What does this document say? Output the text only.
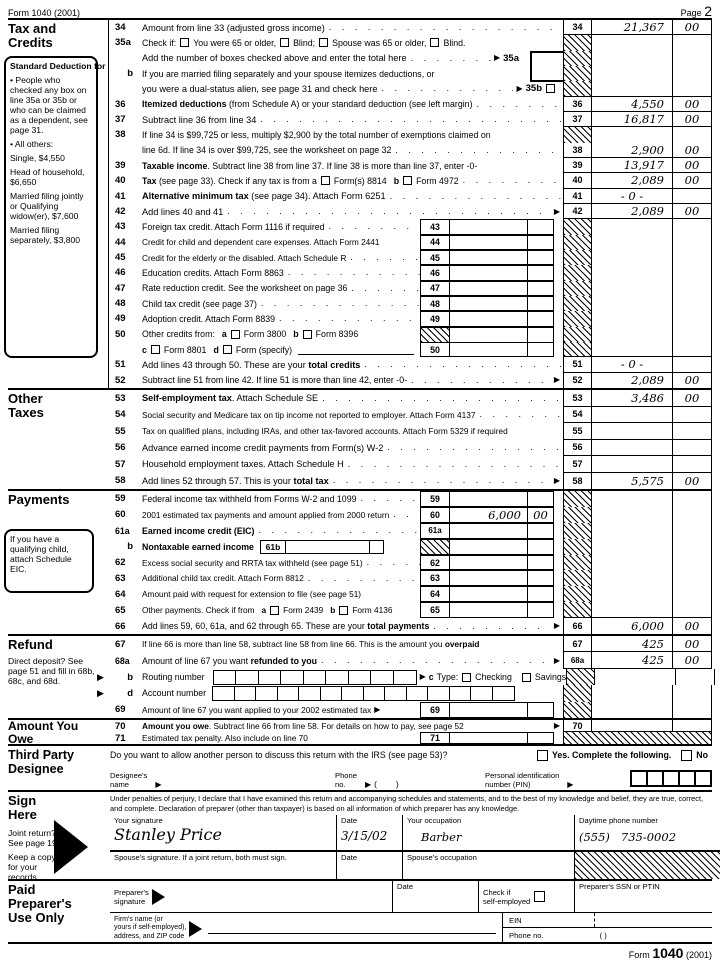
Form 1040 (2001)	Page 2
Tax and Credits
Standard Deduction for
• People who checked any box on line 35a or 35b or who can be claimed as a dependent, see page 31.
• All others:
Single, $4,550
Head of household, $6,650
Married filing jointly or Qualifying widow(er), $7,600
Married filing separately, $3,800
34	Amount from line 33 (adjusted gross income) . . .	34	21,367 00
35a	Check if: You were 65 or older, Blind; Spouse was 65 or older, Blind.
Add the number of boxes checked above and enter the total here . . . ▶	35a
b	If you are married filing separately and your spouse itemizes deductions, or
you were a dual-status alien, see page 31 and check here . . . ▶	35b
36	Itemized deductions (from Schedule A) or your standard deduction (see left margin) . . .	36	4,550 00
37	Subtract line 36 from line 34 . . .	37	16,817 00
38	If line 34 is $99,725 or less, multiply $2,900 by the total number of exemptions claimed on
line 6d. If line 34 is over $99,725, see the worksheet on page 32 . . .	38	2,900 00
39	Taxable income . Subtract line 38 from line 37. If line 38 is more than line 37, enter -0-	39	13,917 00
40	Tax (see page 33). Check if any tax is from a Form(s) 8814 b Form 4972 . . .	40	2,089 00
41	Alternative minimum tax (see page 34). Attach Form 6251 . . .	41	- 0 -
42	Add lines 40 and 41 . . . ▶	42	2,089 00
43	Foreign tax credit. Attach Form 1116 if required . . .	43
44	Credit for child and dependent care expenses. Attach Form 2441	44
45	Credit for the elderly or the disabled. Attach Schedule R . . .	45
46	Education credits. Attach Form 8863 . . .	46
47	Rate reduction credit. See the worksheet on page 36 . . .	47
48	Child tax credit (see page 37) . . .	48
49	Adoption credit. Attach Form 8839 . . .	49
50	Other credits from: a Form 3800 b Form 8396
c Form 8801 d Form (specify)	50
51	Add lines 43 through 50. These are your total credits . . .	51	- 0 -
52	Subtract line 51 from line 42. If line 51 is more than line 42, enter -0- . . . ▶	52	2,089 00
Other Taxes
53	Self-employment tax . Attach Schedule SE . . .	53	3,486 00
54	Social security and Medicare tax on tip income not reported to employer. Attach Form 4137 . . .	54
55	Tax on qualified plans, including IRAs, and other tax-favored accounts. Attach Form 5329 if required	55
56	Advance earned income credit payments from Form(s) W-2 . . .	56
57	Household employment taxes. Attach Schedule H . . .	57
58	Add lines 52 through 57. This is your total tax . . . ▶	58	5,575 00
Payments
If you have a qualifying child, attach Schedule EIC.
59	Federal income tax withheld from Forms W-2 and 1099 . . .	59
60	2001 estimated tax payments and amount applied from 2000 return . . .	60	6,000 00
61a	Earned income credit (EIC) . . .	61a
b	Nontaxable earned income	61b
62	Excess social security and RRTA tax withheld (see page 51) . . .	62
63	Additional child tax credit. Attach Form 8812 . . .	63
64	Amount paid with request for extension to file (see page 51)	64
65	Other payments. Check if from a Form 2439 b Form 4136	65
66	Add lines 59, 60, 61a, and 62 through 65. These are your total payments . . . ▶	66	6,000 00
Refund
Direct deposit? See page 51 and fill in 68b, 68c, and 68d.
67	If line 66 is more than line 58, subtract line 58 from line 66. This is the amount you overpaid	67	425 00
68a	Amount of line 67 you want refunded to you . . . ▶	68a	425 00
▶
b	Routing number ▶	c Type: Checking	Savings
▶
d	Account number
69	Amount of line 67 you want applied to your 2002 estimated tax ▶	69
Amount You Owe
70	Amount you owe . Subtract line 66 from line 58. For details on how to pay, see page 52 ▶	70
71	Estimated tax penalty. Also include on line 70	71
Third Party Designee
Do you want to allow another person to discuss this return with the IRS (see page 53)?	Yes. Complete the following.	No
Designee's
name
▶
Phone
no. ▶	(        )
Personal identification
number (PIN)
▶
Sign Here
Joint return? See page 19.
Keep a copy for your records.
Under penalties of perjury, I declare that I have examined this return and accompanying schedules and statements, and to the best of my knowledge and belief, they are true, correct, and complete. Declaration of preparer (other than taxpayer) is based on all information of which preparer has any knowledge.
Your signature
Stanley Price
Date
3/15/02
Your occupation
Barber
Daytime phone number
(555) 735-0002
Spouse's signature. If a joint return, both must sign.	Date	Spouse's occupation
Paid Preparer's Use Only
Preparer's
signature
Date
Check if
self-employed
Preparer's SSN or PTIN
Firm's name (or
yours if self-employed),
address, and ZIP code
EIN
Phone no.	( )
Form 1040 (2001)
